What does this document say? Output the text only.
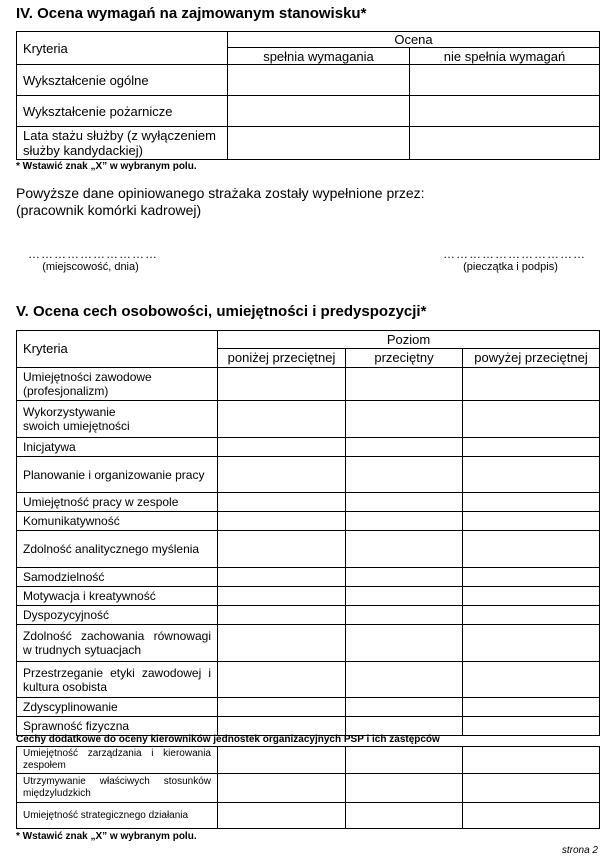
IV. Ocena wymagań na zajmowanym stanowisku*
Kryteria	Ocena	
	spełnia wymagania	nie spełnia wymagań
Wykształcenie ogólne		
Wykształcenie pożarnicze		
Lata stażu służby (z wyłączeniem służby kandydackiej)		
* Wstawić znak „X” w wybranym polu.
Powyższe dane opiniowanego strażaka zostały wypełnione przez:
(pracownik komórki kadrowej)
…………………………
(miejscowość, dnia)
……………………………
(pieczątka i podpis)
V. Ocena cech osobowości, umiejętności i predyspozycji*
Kryteria	Poziom		
	poniżej przeciętnej	przeciętny	powyżej przeciętnej
Umiejętności zawodowe (profesjonalizm)			
Wykorzystywanie swoich umiejętności			
Inicjatywa			
Planowanie i organizowanie pracy			
Umiejętność pracy w zespole			
Komunikatywność			
Zdolność analitycznego myślenia			
Samodzielność			
Motywacja i kreatywność			
Dyspozycyjność			
Zdolność zachowania równowagi w trudnych sytuacjach			
Przestrzeganie etyki zawodowej i kultura osobista			
Zdyscyplinowanie			
Sprawność fizyczna			
Cechy dodatkowe do oceny kierowników jednostek organizacyjnych PSP i ich zastępców
Umiejętność zarządzania i kierowania zespołem			
Utrzymywanie właściwych stosunków międzyludzkich			
Umiejętność strategicznego działania			
* Wstawić znak „X” w wybranym polu.
strona 2
